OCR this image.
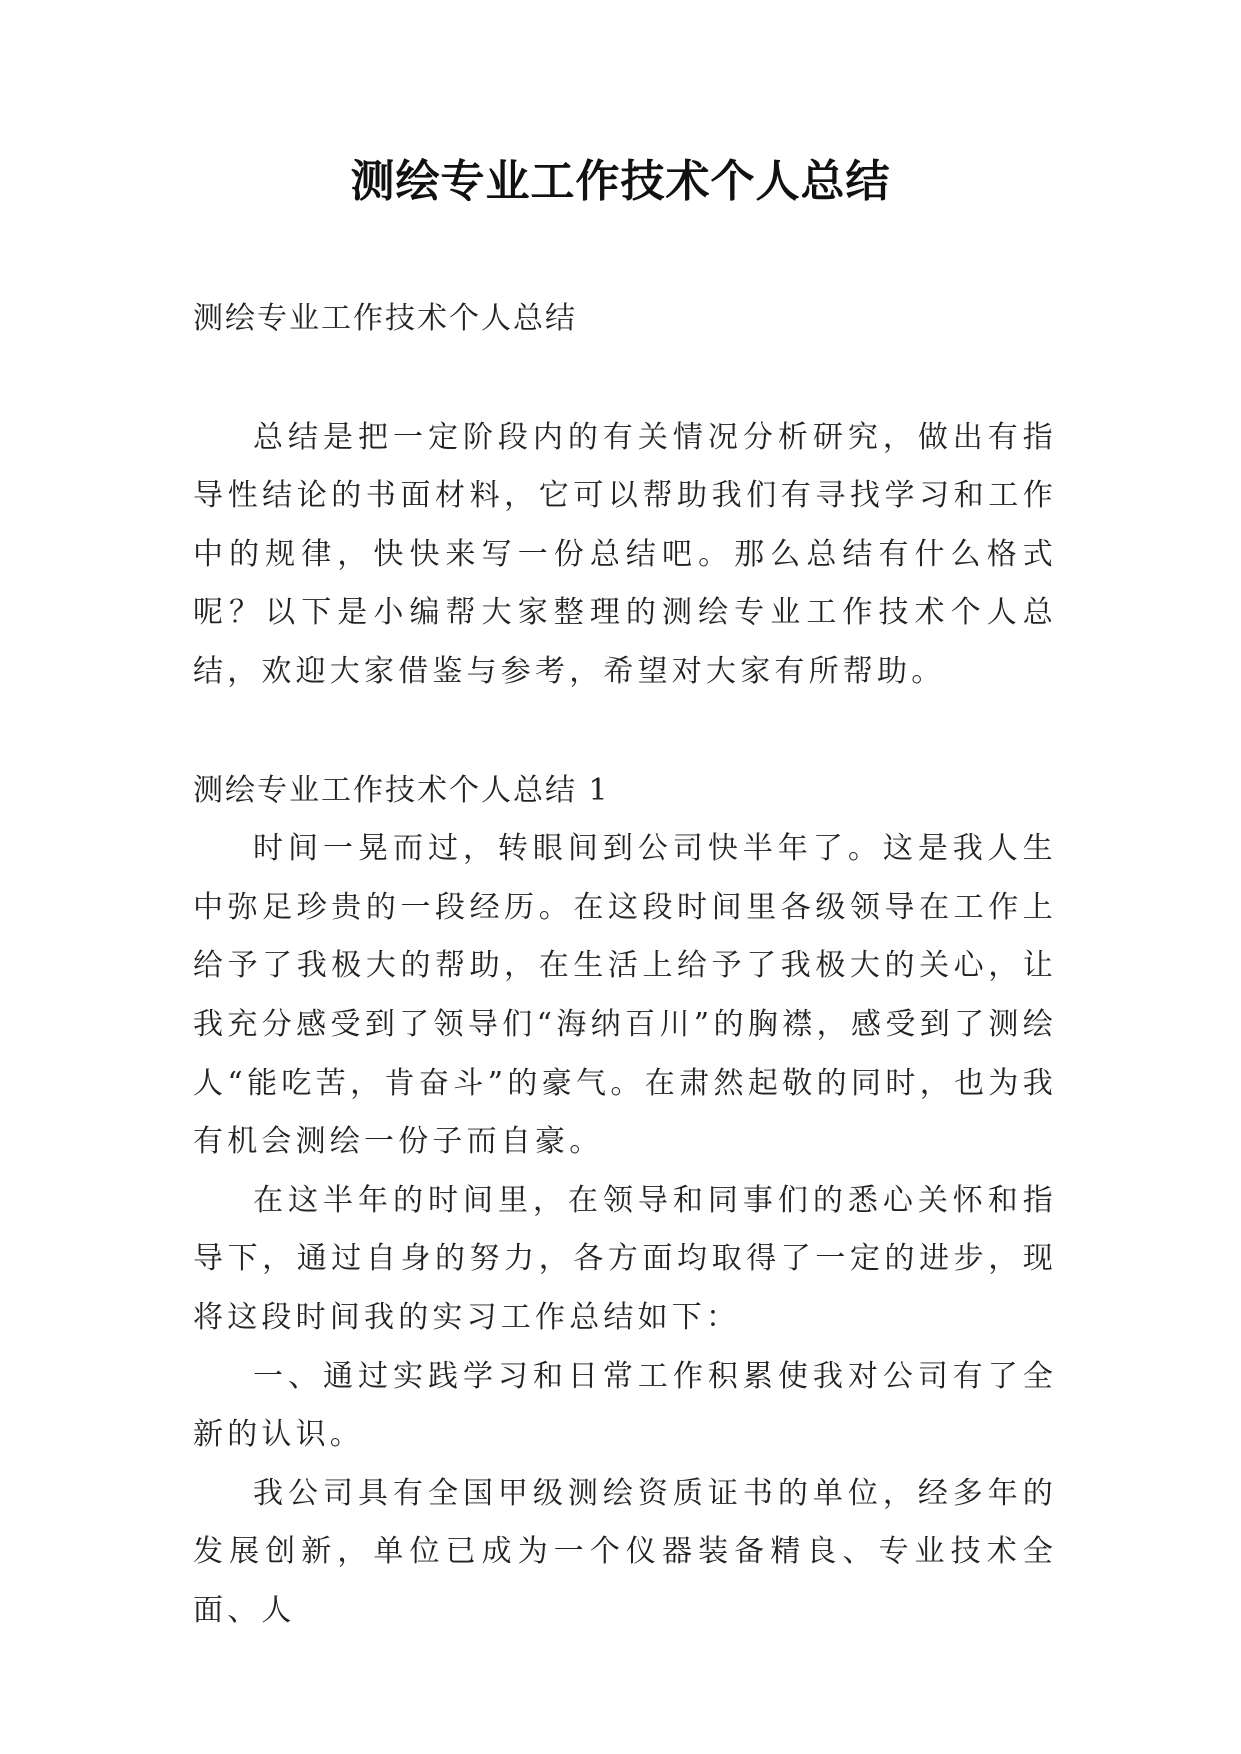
测绘专业工作技术个人总结

测绘专业工作技术个人总结

总结是把一定阶段内的有关情况分析研究，做出有指导性结论的书面材料，它可以帮助我们有寻找学习和工作中的规律，快快来写一份总结吧。那么总结有什么格式呢？以下是小编帮大家整理的测绘专业工作技术个人总结，欢迎大家借鉴与参考，希望对大家有所帮助。

测绘专业工作技术个人总结 1

时间一晃而过，转眼间到公司快半年了。这是我人生中弥足珍贵的一段经历。在这段时间里各级领导在工作上给予了我极大的帮助，在生活上给予了我极大的关心，让我充分感受到了领导们“海纳百川”的胸襟，感受到了测绘人“能吃苦，肯奋斗”的豪气。在肃然起敬的同时，也为我有机会测绘一份子而自豪。

在这半年的时间里，在领导和同事们的悉心关怀和指导下，通过自身的努力，各方面均取得了一定的进步，现将这段时间我的实习工作总结如下：

一、通过实践学习和日常工作积累使我对公司有了全新的认识。

我公司具有全国甲级测绘资质证书的单位，经多年的发展创新，单位已成为一个仪器装备精良、专业技术全面、人
